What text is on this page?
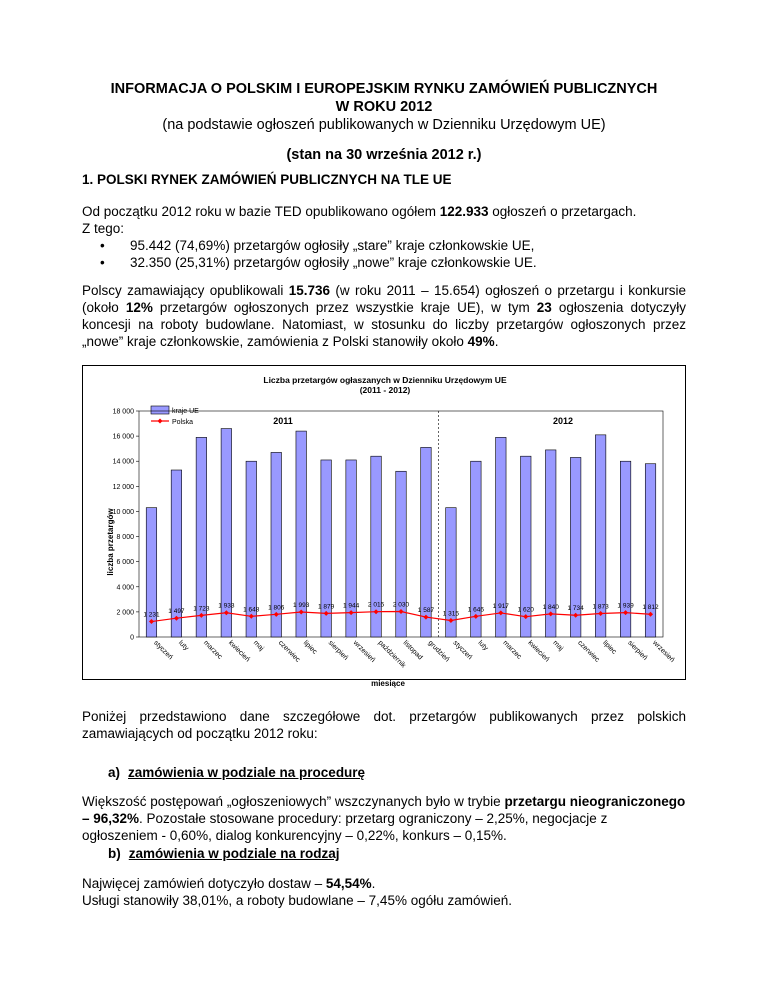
INFORMACJA O POLSKIM I EUROPEJSKIM RYNKU ZAMÓWIEŃ PUBLICZNYCH
W ROKU 2012
(na podstawie ogłoszeń publikowanych w Dzienniku Urzędowym UE)
(stan na 30 września 2012 r.)
1. POLSKI RYNEK ZAMÓWIEŃ PUBLICZNYCH NA TLE UE
Od początku 2012 roku w bazie TED opublikowano ogółem 122.933 ogłoszeń o przetargach.
Z tego:
•	95.442 (74,69%) przetargów ogłosiły „stare” kraje członkowskie UE,
•	32.350 (25,31%) przetargów ogłosiły „nowe” kraje członkowskie UE.
Polscy zamawiający opublikowali 15.736 (w roku 2011 – 15.654) ogłoszeń o przetargu i konkursie (około 12% przetargów ogłoszonych przez wszystkie kraje UE), w tym 23 ogłoszenia dotyczyły koncesji na roboty budowlane. Natomiast, w stosunku do liczby przetargów ogłoszonych przez „nowe” kraje członkowskie, zamówienia z Polski stanowiły około 49%.
Liczba przetargów ogłaszanych w Dzienniku Urzędowym UE
(2011 - 2012)
liczba przetargów
miesiące
2011	2012
kraje UE
Polska
0
2 000
4 000
6 000
8 000
10 000
12 000
14 000
16 000
18 000
styczeń luty marzec kwiecień maj czerwiec lipiec sierpień wrzesień październik
listopad grudzień styczeń luty marzec kwiecień maj czerwiec lipiec sierpień wrzesień
1 231 1 497 1 723 1 933
1 648 1 806 1 993 1 879 1 944 2 016 2 030
1 587 1 315
1 646 1 917
1 620 1 840 1 734 1 873 1 939 1 812
Poniżej przedstawiono dane szczegółowe dot. przetargów publikowanych przez polskich zamawiających od początku 2012 roku:
a) zamówienia w podziale na procedurę
Większość postępowań „ogłoszeniowych” wszczynanych było w trybie przetargu nieograniczonego – 96,32%. Pozostałe stosowane procedury: przetarg ograniczony – 2,25%, negocjacje z ogłoszeniem - 0,60%, dialog konkurencyjny – 0,22%, konkurs – 0,15%.
b) zamówienia w podziale na rodzaj
Najwięcej zamówień dotyczyło dostaw – 54,54%.
Usługi stanowiły 38,01%, a roboty budowlane – 7,45% ogółu zamówień.
